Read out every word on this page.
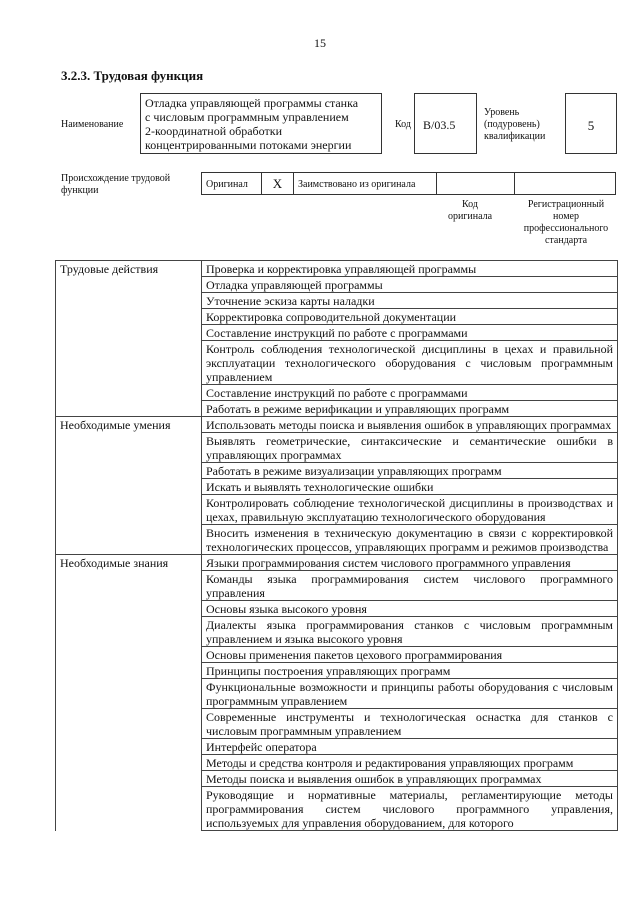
15
3.2.3. Трудовая функция
Наименование
Отладка управляющей программы станка
с числовым программным управлением
2-координатной обработки
концентрированными потоками энергии
Код	B/03.5
Уровень
(подуровень)
квалификации
5
Происхождение трудовой
функции
Оригинал	X	Заимствовано из оригинала
Код
оригинала
Регистрационный
номер
профессионального
стандарта
Трудовые действия	Проверка и корректировка управляющей программы
	Отладка управляющей программы
	Уточнение эскиза карты наладки
	Корректировка сопроводительной документации
	Составление инструкций по работе с программами
	Контроль соблюдения технологической дисциплины в цехах и правильной эксплуатации технологического оборудования с числовым программным управлением
	Составление инструкций по работе с программами
	Работать в режиме верификации и управляющих программ
Необходимые умения	Использовать методы поиска и выявления ошибок в управляющих программах
	Выявлять геометрические, синтаксические и семантические ошибки в управляющих программах
	Работать в режиме визуализации управляющих программ
	Искать и выявлять технологические ошибки
	Контролировать соблюдение технологической дисциплины в производствах и цехах, правильную эксплуатацию технологического оборудования
	Вносить изменения в техническую документацию в связи с корректировкой технологических процессов, управляющих программ и режимов производства
Необходимые знания	Языки программирования систем числового программного управления
	Команды языка программирования систем числового программного управления
	Основы языка высокого уровня
	Диалекты языка программирования станков с числовым программным управлением и языка высокого уровня
	Основы применения пакетов цехового программирования
	Принципы построения управляющих программ
	Функциональные возможности и принципы работы оборудования с числовым программным управлением
	Современные инструменты и технологическая оснастка для станков с числовым программным управлением
	Интерфейс оператора
	Методы и средства контроля и редактирования управляющих программ
	Методы поиска и выявления ошибок в управляющих программах
	Руководящие и нормативные материалы, регламентирующие методы программирования систем числового программного управления, используемых для управления оборудованием, для которого
